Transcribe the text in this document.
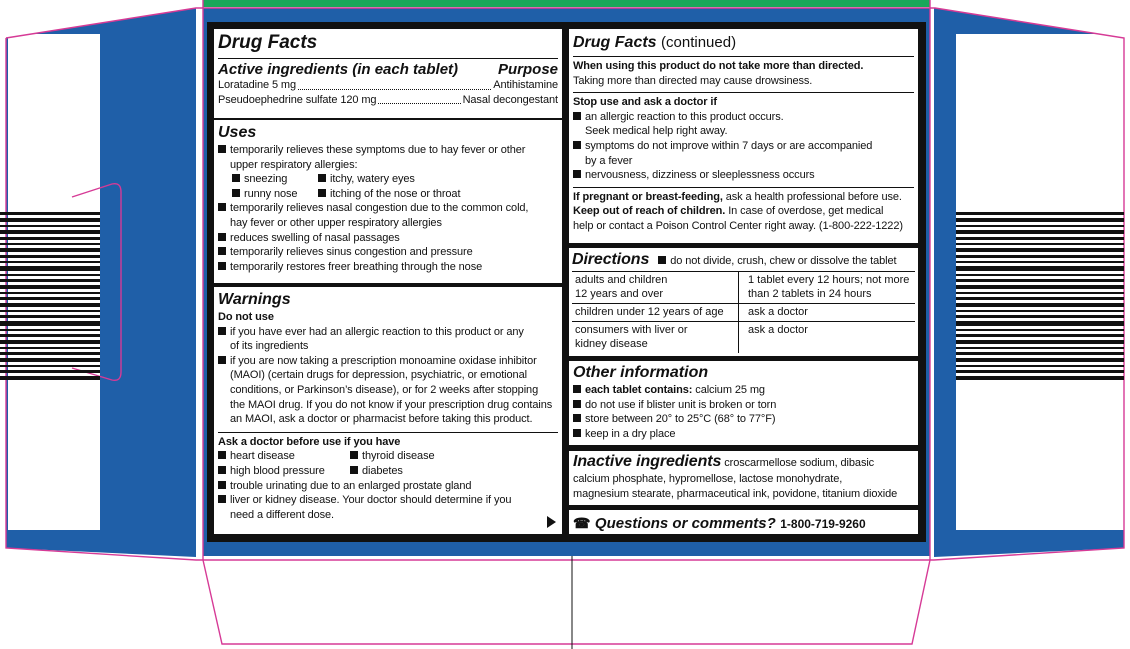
Drug Facts
Active ingredients (in each tablet)	Purpose
Loratadine 5 mg	Antihistamine
Pseudoephedrine sulfate 120 mg	Nasal decongestant
Uses
temporarily relieves these symptoms due to hay fever or other
upper respiratory allergies:
sneezing	itchy, watery eyes
runny nose	itching of the nose or throat
temporarily relieves nasal congestion due to the common cold,
hay fever or other upper respiratory allergies
reduces swelling of nasal passages
temporarily relieves sinus congestion and pressure
temporarily restores freer breathing through the nose
Warnings
Do not use
if you have ever had an allergic reaction to this product or any
of its ingredients
if you are now taking a prescription monoamine oxidase inhibitor
(MAOI) (certain drugs for depression, psychiatric, or emotional
conditions, or Parkinson’s disease), or for 2 weeks after stopping
the MAOI drug. If you do not know if your prescription drug contains
an MAOI, ask a doctor or pharmacist before taking this product.
Ask a doctor before use if you have
heart disease	thyroid disease
high blood pressure	diabetes
trouble urinating due to an enlarged prostate gland
liver or kidney disease. Your doctor should determine if you
need a different dose.
Drug Facts (continued)
When using this product do not take more than directed.
Taking more than directed may cause drowsiness.
Stop use and ask a doctor if
an allergic reaction to this product occurs.
Seek medical help right away.
symptoms do not improve within 7 days or are accompanied
by a fever
nervousness, dizziness or sleeplessness occurs
If pregnant or breast-feeding, ask a health professional before use.
Keep out of reach of children. In case of overdose, get medical
help or contact a Poison Control Center right away. (1-800-222-1222)
Directions do not divide, crush, chew or dissolve the tablet
adults and children
12 years and over	1 tablet every 12 hours; not more
than 2 tablets in 24 hours
children under 12 years of age	ask a doctor
consumers with liver or
kidney disease	ask a doctor
Other information
each tablet contains: calcium 25 mg
do not use if blister unit is broken or torn
store between 20° to 25°C (68° to 77°F)
keep in a dry place
Inactive ingredients croscarmellose sodium, dibasic
calcium phosphate, hypromellose, lactose monohydrate,
magnesium stearate, pharmaceutical ink, povidone, titanium dioxide
☎ Questions or comments? 1-800-719-9260
